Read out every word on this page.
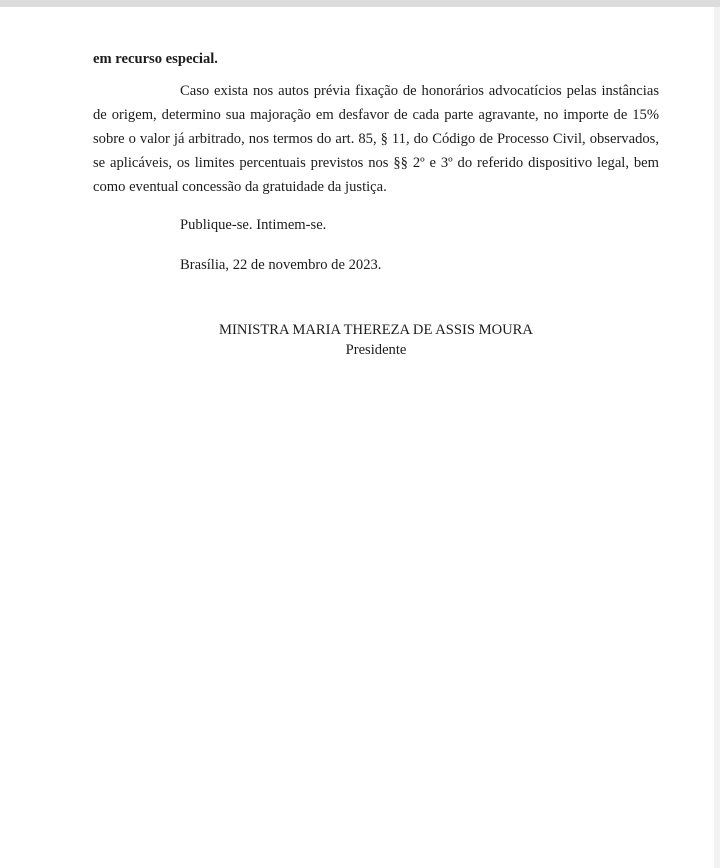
em recurso especial.

Caso exista nos autos prévia fixação de honorários advocatícios pelas instâncias de origem, determino sua majoração em desfavor de cada parte agravante, no importe de 15% sobre o valor já arbitrado, nos termos do art. 85, § 11, do Código de Processo Civil, observados, se aplicáveis, os limites percentuais previstos nos §§ 2º e 3º do referido dispositivo legal, bem como eventual concessão da gratuidade da justiça.

Publique-se. Intimem-se.
Brasília, 22 de novembro de 2023.
MINISTRA MARIA THEREZA DE ASSIS MOURA
Presidente
